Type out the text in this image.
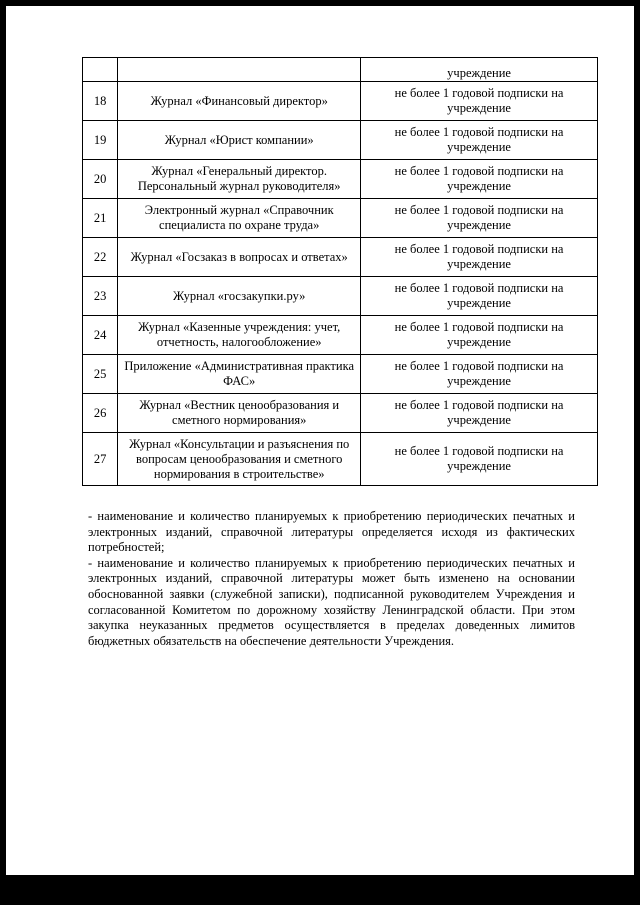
		учреждение
18	Журнал «Финансовый директор»	не более 1 годовой подписки на учреждение
19	Журнал «Юрист компании»	не более 1 годовой подписки на учреждение
20	Журнал «Генеральный директор. Персональный журнал руководителя»	не более 1 годовой подписки на учреждение
21	Электронный журнал «Справочник специалиста по охране труда»	не более 1 годовой подписки на учреждение
22	Журнал «Госзаказ в вопросах и ответах»	не более 1 годовой подписки на учреждение
23	Журнал «госзакупки.ру»	не более 1 годовой подписки на учреждение
24	Журнал «Казенные учреждения: учет, отчетность, налогообложение»	не более 1 годовой подписки на учреждение
25	Приложение «Административная практика ФАС»	не более 1 годовой подписки на учреждение
26	Журнал «Вестник ценообразования и сметного нормирования»	не более 1 годовой подписки на учреждение
27	Журнал «Консультации и разъяснения по вопросам ценообразования и сметного нормирования в строительстве»	не более 1 годовой подписки на учреждение

- наименование и количество планируемых к приобретению периодических печатных и электронных изданий, справочной литературы определяется исходя из фактических потребностей;

- наименование и количество планируемых к приобретению периодических печатных и электронных изданий, справочной литературы может быть изменено на основании обоснованной заявки (служебной записки), подписанной руководителем Учреждения и согласованной Комитетом по дорожному хозяйству Ленинградской области. При этом закупка неуказанных предметов осуществляется в пределах доведенных лимитов бюджетных обязательств на обеспечение деятельности Учреждения.
